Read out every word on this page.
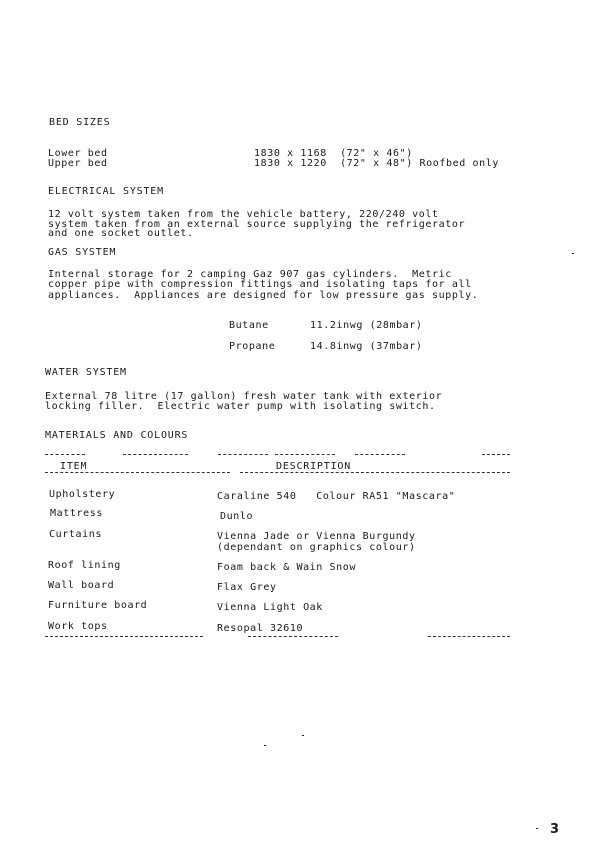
BED SIZES
Lower bed	1830 x 1168  (72" x 46")
Upper bed	1830 x 1220  (72" x 48") Roofbed only
ELECTRICAL SYSTEM
12 volt system taken from the vehicle battery, 220/240 volt
system taken from an external source supplying the refrigerator
and one socket outlet.
GAS SYSTEM
Internal storage for 2 camping Gaz 907 gas cylinders.  Metric
copper pipe with compression fittings and isolating taps for all
appliances.  Appliances are designed for low pressure gas supply.
Butane	11.2inwg (28mbar)
Propane	14.8inwg (37mbar)
WATER SYSTEM
External 78 litre (17 gallon) fresh water tank with exterior
locking filler.  Electric water pump with isolating switch.
MATERIALS AND COLOURS
ITEM	DESCRIPTION
Upholstery	Caraline 540   Colour RA51 "Mascara"
Mattress	Dunlo
Curtains	Vienna Jade or Vienna Burgundy
(dependant on graphics colour)
Roof lining	Foam back & Wain Snow
Wall board	Flax Grey
Furniture board	Vienna Light Oak
Work tops	Resopal 32610
3
